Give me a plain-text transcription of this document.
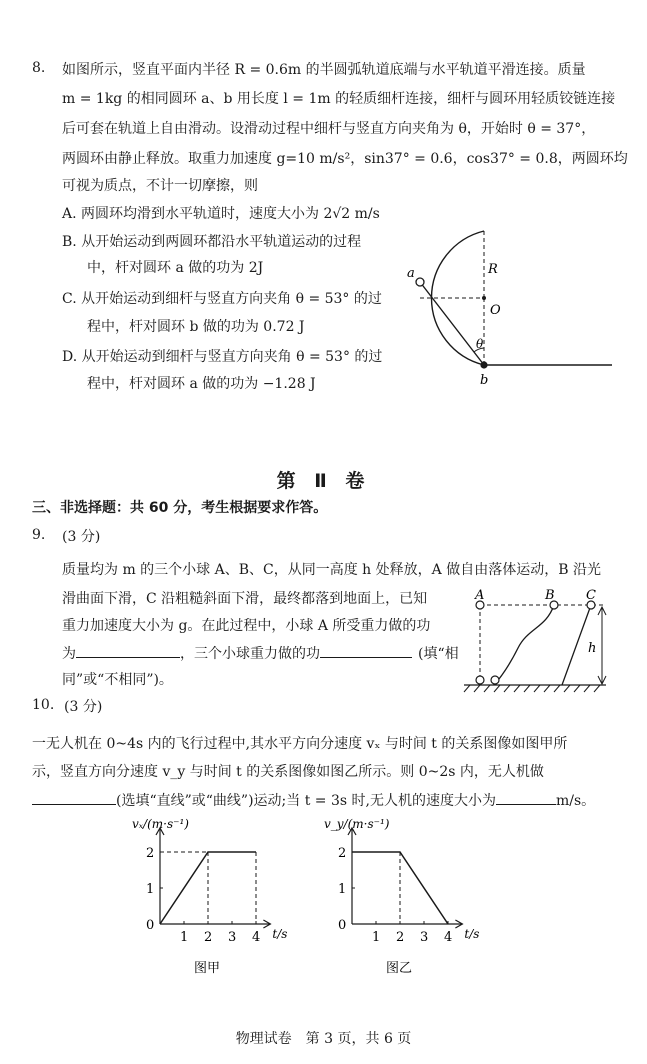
8. 如图所示，竖直平面内半径 R = 0.6m 的半圆弧轨道底端与水平轨道平滑连接。质量
m = 1kg 的相同圆环 a、b 用长度 l = 1m 的轻质细杆连接，细杆与圆环用轻质铰链连接
后可套在轨道上自由滑动。设滑动过程中细杆与竖直方向夹角为 θ，开始时 θ = 37°，
两圆环由静止释放。取重力加速度 g=10 m/s²，sin37° = 0.6，cos37° = 0.8，两圆环均
可视为质点，不计一切摩擦，则
A. 两圆环均滑到水平轨道时，速度大小为 2√2 m/s
B. 从开始运动到两圆环都沿水平轨道运动的过程
中，杆对圆环 a 做的功为 2J
C. 从开始运动到细杆与竖直方向夹角 θ = 53° 的过
程中，杆对圆环 b 做的功为 0.72 J
D. 从开始运动到细杆与竖直方向夹角 θ = 53° 的过
程中，杆对圆环 a 做的功为 −1.28 J
a
b
R
O
θ
第 Ⅱ 卷
三、非选择题：共 60 分，考生根据要求作答。
9. (3 分)
质量均为 m 的三个小球 A、B、C，从同一高度 h 处释放，A 做自由落体运动，B 沿光
滑曲面下滑，C 沿粗糙斜面下滑，最终都落到地面上，已知
重力加速度大小为 g。在此过程中，小球 A 所受重力做的功
为	，三个小球重力做的功	(填“相
同”或“不相同”)。
A	B C
h
10. (3 分)
一无人机在 0~4s 内的飞行过程中,其水平方向分速度 vₓ 与时间 t 的关系图像如图甲所
示，竖直方向分速度 v_y 与时间 t 的关系图像如图乙所示。则 0~2s 内，无人机做
(选填“直线”或“曲线”)运动;当 t = 3s 时,无人机的速度大小为	m/s。
1 2 3 4
1
2
0
vₓ/(m·s⁻¹)
t/s
图甲
1 2 3 4
1
2
0
v_y/(m·s⁻¹)
t/s
图乙
物理试卷　第 3 页，共 6 页
